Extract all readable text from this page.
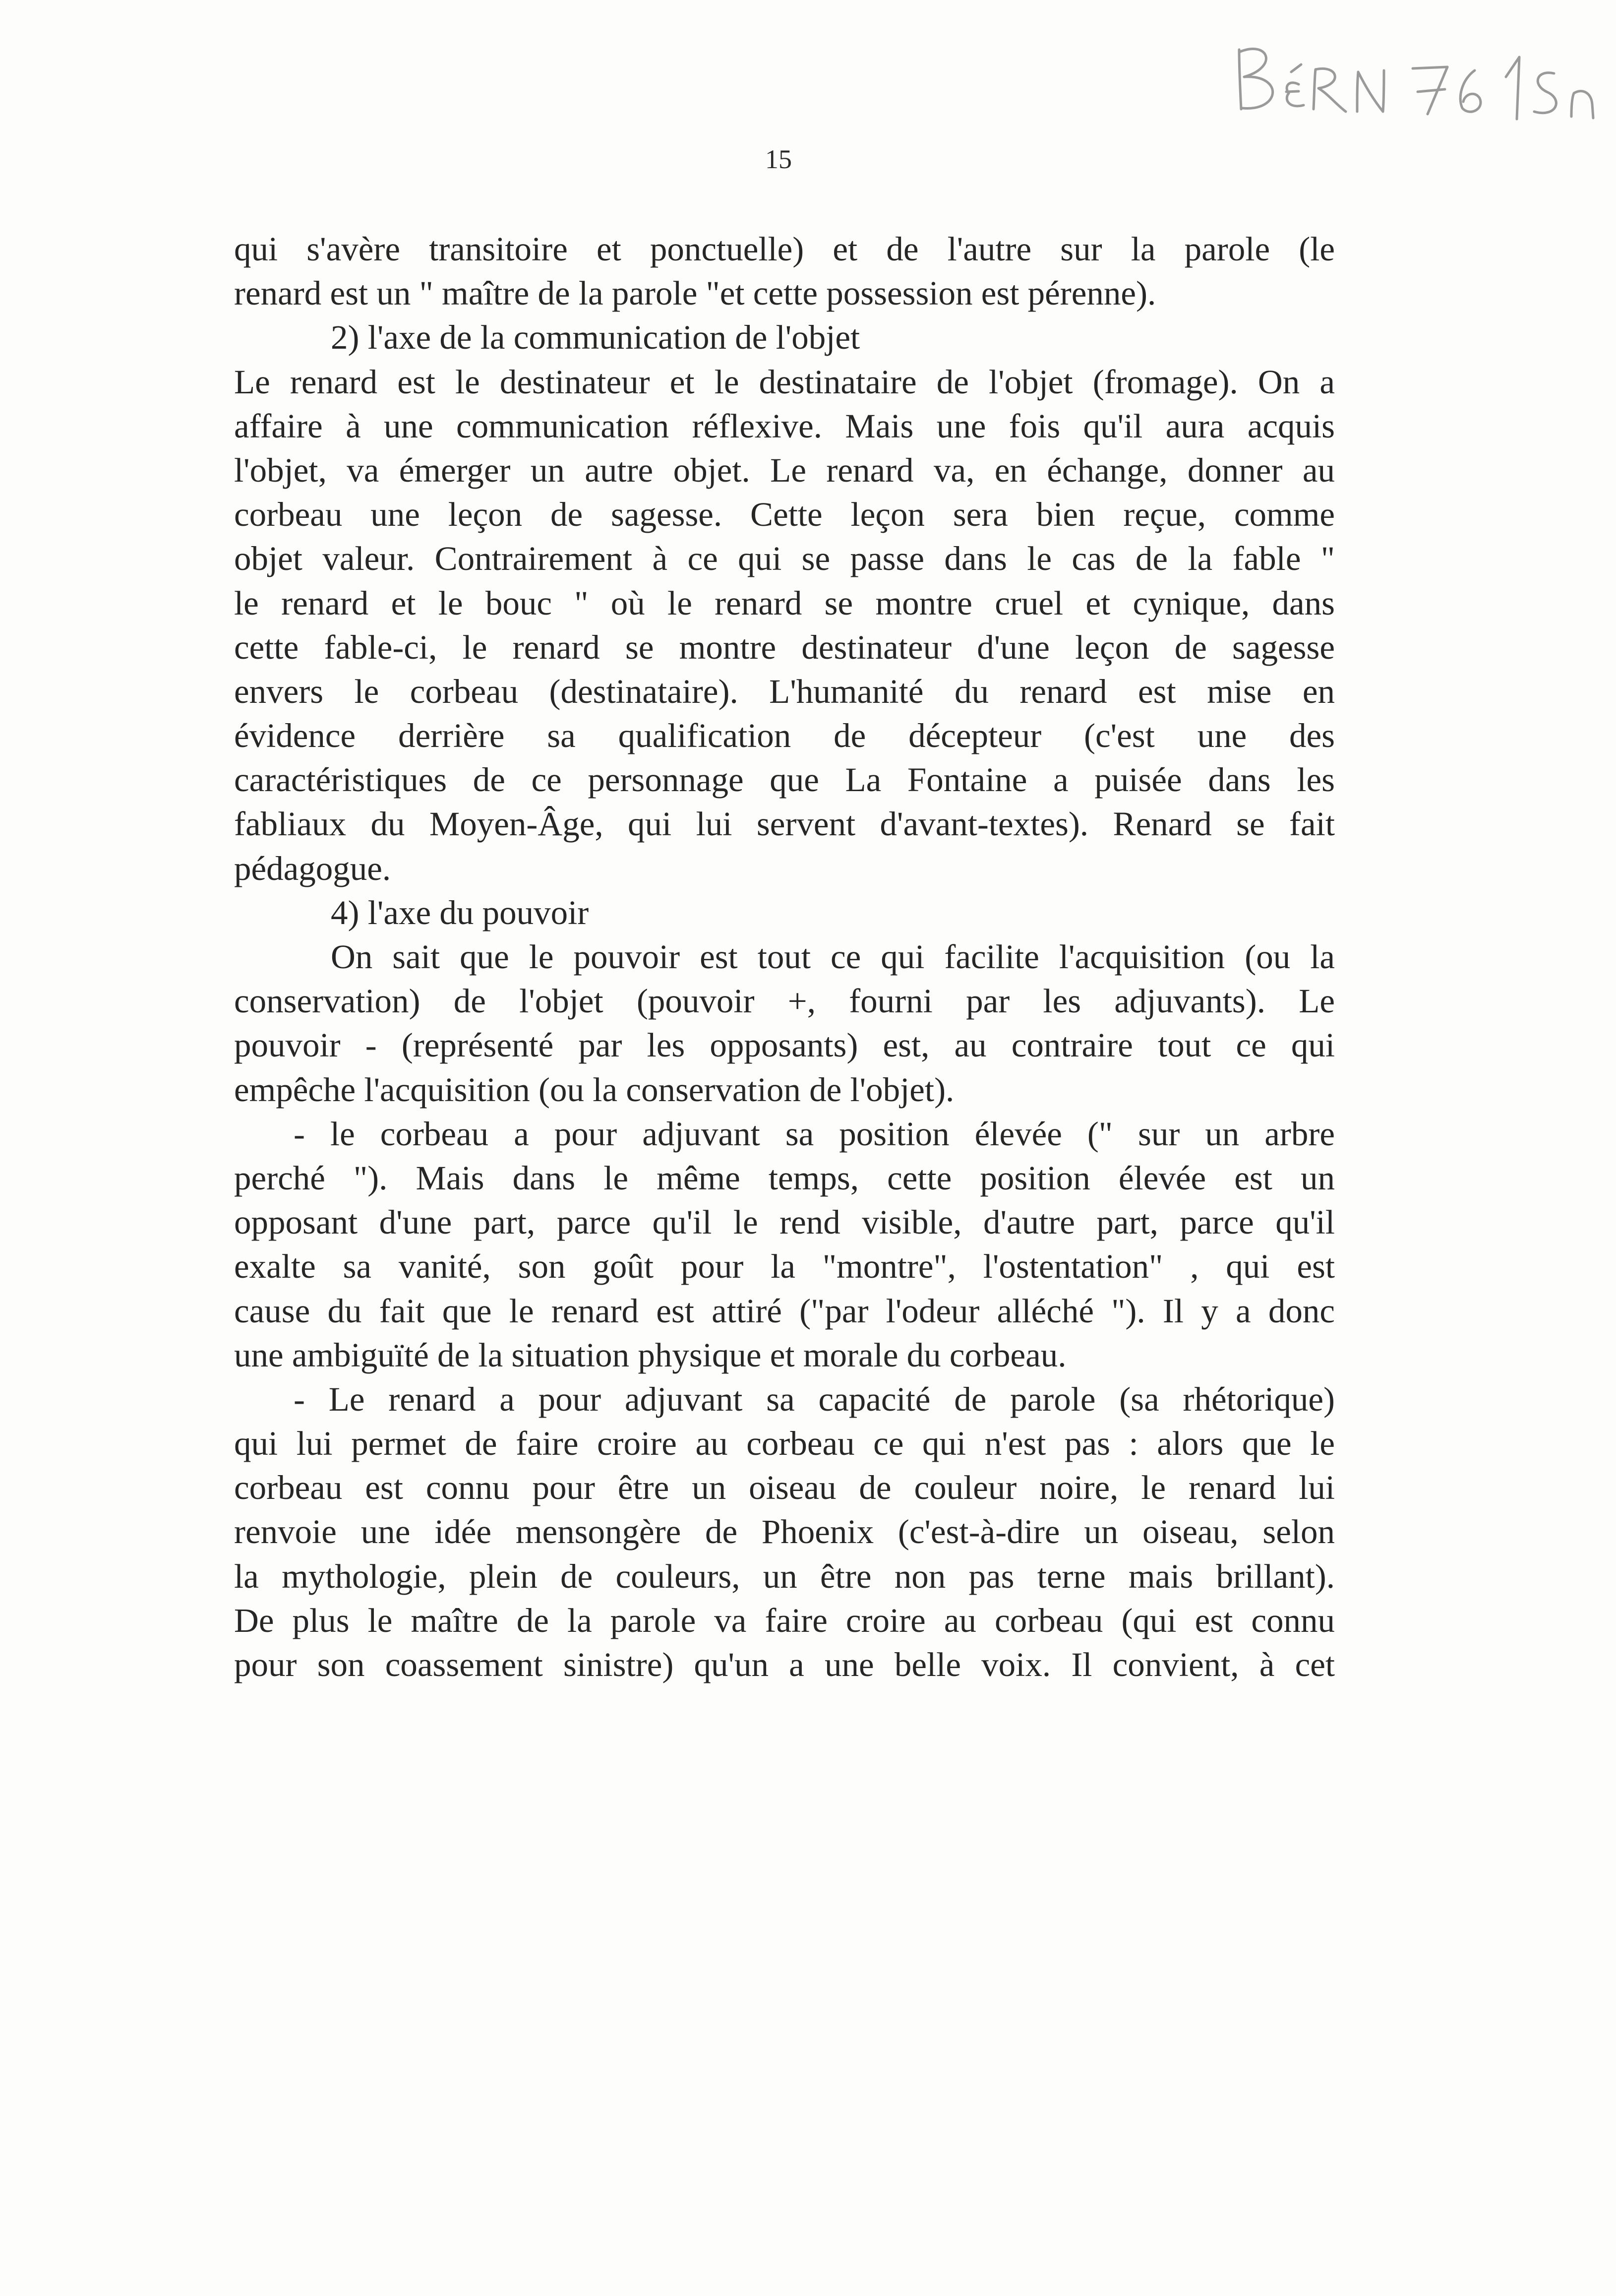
15
qui s'avère transitoire et ponctuelle) et de l'autre sur la parole (le
renard est un " maître de la parole "et cette possession est pérenne).
2) l'axe de la communication de l'objet
Le renard est le destinateur et le destinataire de l'objet (fromage). On a
affaire à une communication réflexive. Mais une fois qu'il aura acquis
l'objet, va émerger un autre objet. Le renard va, en échange, donner au
corbeau une leçon de sagesse. Cette leçon sera bien reçue, comme
objet valeur. Contrairement à ce qui se passe dans le cas de la fable "
le renard et le bouc " où le renard se montre cruel et cynique, dans
cette fable-ci, le renard se montre destinateur d'une leçon de sagesse
envers le corbeau (destinataire). L'humanité du renard est mise en
évidence derrière sa qualification de décepteur (c'est une des
caractéristiques de ce personnage que La Fontaine a puisée dans les
fabliaux du Moyen-Âge, qui lui servent d'avant-textes). Renard se fait
pédagogue.
4) l'axe du pouvoir
On sait que le pouvoir est tout ce qui facilite l'acquisition (ou la
conservation) de l'objet (pouvoir +, fourni par les adjuvants). Le
pouvoir - (représenté par les opposants) est, au contraire tout ce qui
empêche l'acquisition (ou la conservation de l'objet).
- le corbeau a pour adjuvant sa position élevée (" sur un arbre
perché "). Mais dans le même temps, cette position élevée est un
opposant d'une part, parce qu'il le rend visible, d'autre part, parce qu'il
exalte sa vanité, son goût pour la "montre", l'ostentation" , qui est
cause du fait que le renard est attiré ("par l'odeur alléché "). Il y a donc
une ambiguïté de la situation physique et morale du corbeau.
- Le renard a pour adjuvant sa capacité de parole (sa rhétorique)
qui lui permet de faire croire au corbeau ce qui n'est pas : alors que le
corbeau est connu pour être un oiseau de couleur noire, le renard lui
renvoie une idée mensongère de Phoenix (c'est-à-dire un oiseau, selon
la mythologie, plein de couleurs, un être non pas terne mais brillant).
De plus le maître de la parole va faire croire au corbeau (qui est connu
pour son coassement sinistre) qu'un a une belle voix. Il convient, à cet
